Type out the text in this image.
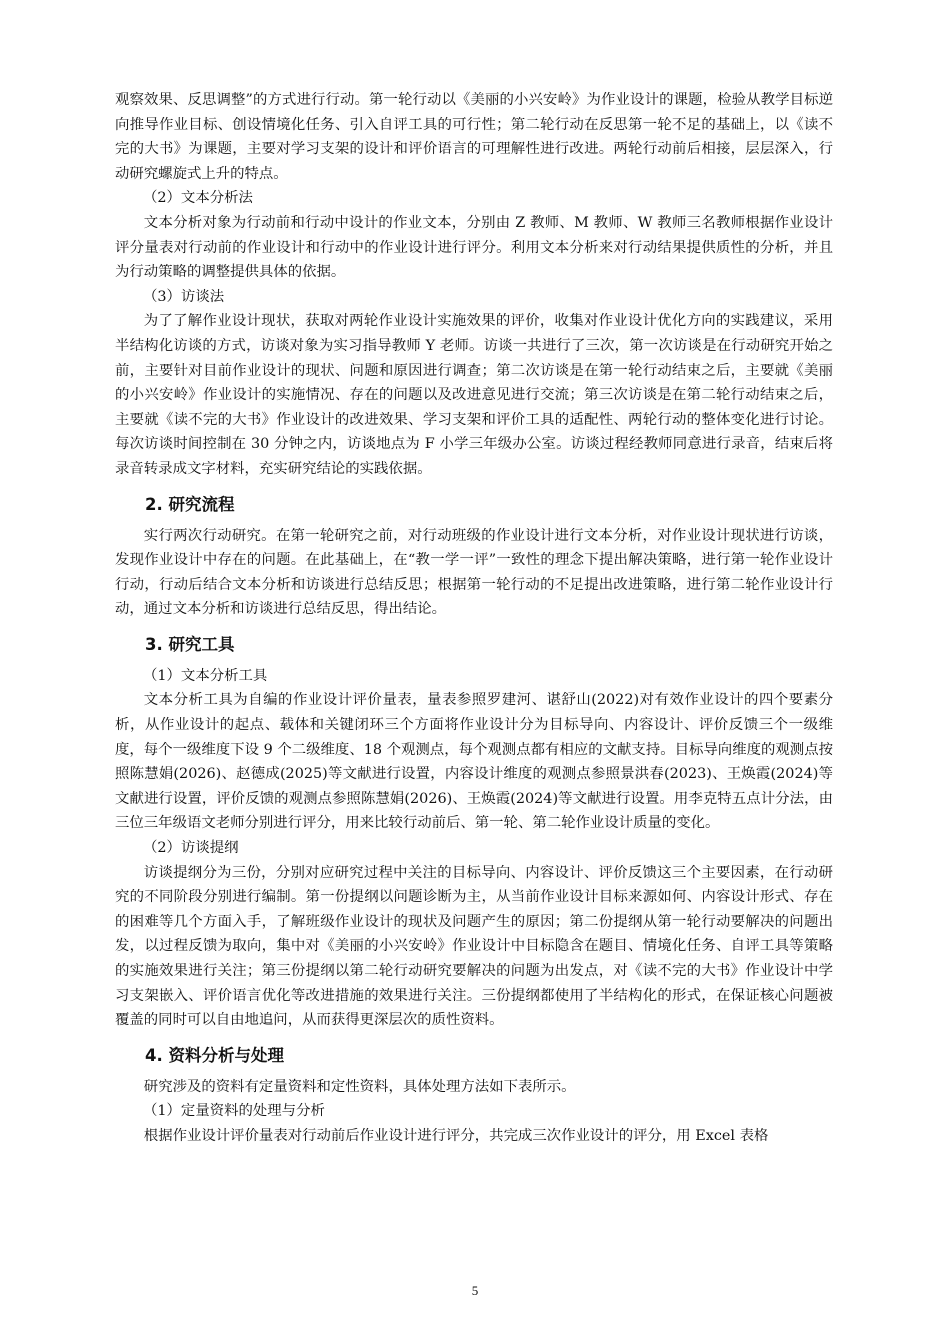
观察效果、反思调整”的方式进行行动。第一轮行动以《美丽的小兴安岭》为作业设计的课题，检验从教学目标逆向推导作业目标、创设情境化任务、引入自评工具的可行性；第二轮行动在反思第一轮不足的基础上，以《读不完的大书》为课题，主要对学习支架的设计和评价语言的可理解性进行改进。两轮行动前后相接，层层深入，行动研究螺旋式上升的特点。

（2）文本分析法

文本分析对象为行动前和行动中设计的作业文本，分别由 Z 教师、M 教师、W 教师三名教师根据作业设计评分量表对行动前的作业设计和行动中的作业设计进行评分。利用文本分析来对行动结果提供质性的分析，并且为行动策略的调整提供具体的依据。

（3）访谈法

为了了解作业设计现状，获取对两轮作业设计实施效果的评价，收集对作业设计优化方向的实践建议，采用半结构化访谈的方式，访谈对象为实习指导教师 Y 老师。访谈一共进行了三次，第一次访谈是在行动研究开始之前，主要针对目前作业设计的现状、问题和原因进行调查；第二次访谈是在第一轮行动结束之后，主要就《美丽的小兴安岭》作业设计的实施情况、存在的问题以及改进意见进行交流；第三次访谈是在第二轮行动结束之后，主要就《读不完的大书》作业设计的改进效果、学习支架和评价工具的适配性、两轮行动的整体变化进行讨论。每次访谈时间控制在 30 分钟之内，访谈地点为 F 小学三年级办公室。访谈过程经教师同意进行录音，结束后将录音转录成文字材料，充实研究结论的实践依据。

2. 研究流程

实行两次行动研究。在第一轮研究之前，对行动班级的作业设计进行文本分析，对作业设计现状进行访谈，发现作业设计中存在的问题。在此基础上，在“教一学一评”一致性的理念下提出解决策略，进行第一轮作业设计行动，行动后结合文本分析和访谈进行总结反思；根据第一轮行动的不足提出改进策略，进行第二轮作业设计行动，通过文本分析和访谈进行总结反思，得出结论。

3. 研究工具
（1）文本分析工具

文本分析工具为自编的作业设计评价量表，量表参照罗建河、谌舒山(2022)对有效作业设计的四个要素分析，从作业设计的起点、载体和关键闭环三个方面将作业设计分为目标导向、内容设计、评价反馈三个一级维度，每个一级维度下设 9 个二级维度、18 个观测点，每个观测点都有相应的文献支持。目标导向维度的观测点按照陈慧娟(2026)、赵德成(2025)等文献进行设置，内容设计维度的观测点参照景洪春(2023)、王焕霞(2024)等文献进行设置，评价反馈的观测点参照陈慧娟(2026)、王焕霞(2024)等文献进行设置。用李克特五点计分法，由三位三年级语文老师分别进行评分，用来比较行动前后、第一轮、第二轮作业设计质量的变化。

（2）访谈提纲

访谈提纲分为三份，分别对应研究过程中关注的目标导向、内容设计、评价反馈这三个主要因素，在行动研究的不同阶段分别进行编制。第一份提纲以问题诊断为主，从当前作业设计目标来源如何、内容设计形式、存在的困难等几个方面入手，了解班级作业设计的现状及问题产生的原因；第二份提纲从第一轮行动要解决的问题出发，以过程反馈为取向，集中对《美丽的小兴安岭》作业设计中目标隐含在题目、情境化任务、自评工具等策略的实施效果进行关注；第三份提纲以第二轮行动研究要解决的问题为出发点，对《读不完的大书》作业设计中学习支架嵌入、评价语言优化等改进措施的效果进行关注。三份提纲都使用了半结构化的形式，在保证核心问题被覆盖的同时可以自由地追问，从而获得更深层次的质性资料。

4. 资料分析与处理

研究涉及的资料有定量资料和定性资料，具体处理方法如下表所示。

（1）定量资料的处理与分析

根据作业设计评价量表对行动前后作业设计进行评分，共完成三次作业设计的评分，用 Excel 表格

5
